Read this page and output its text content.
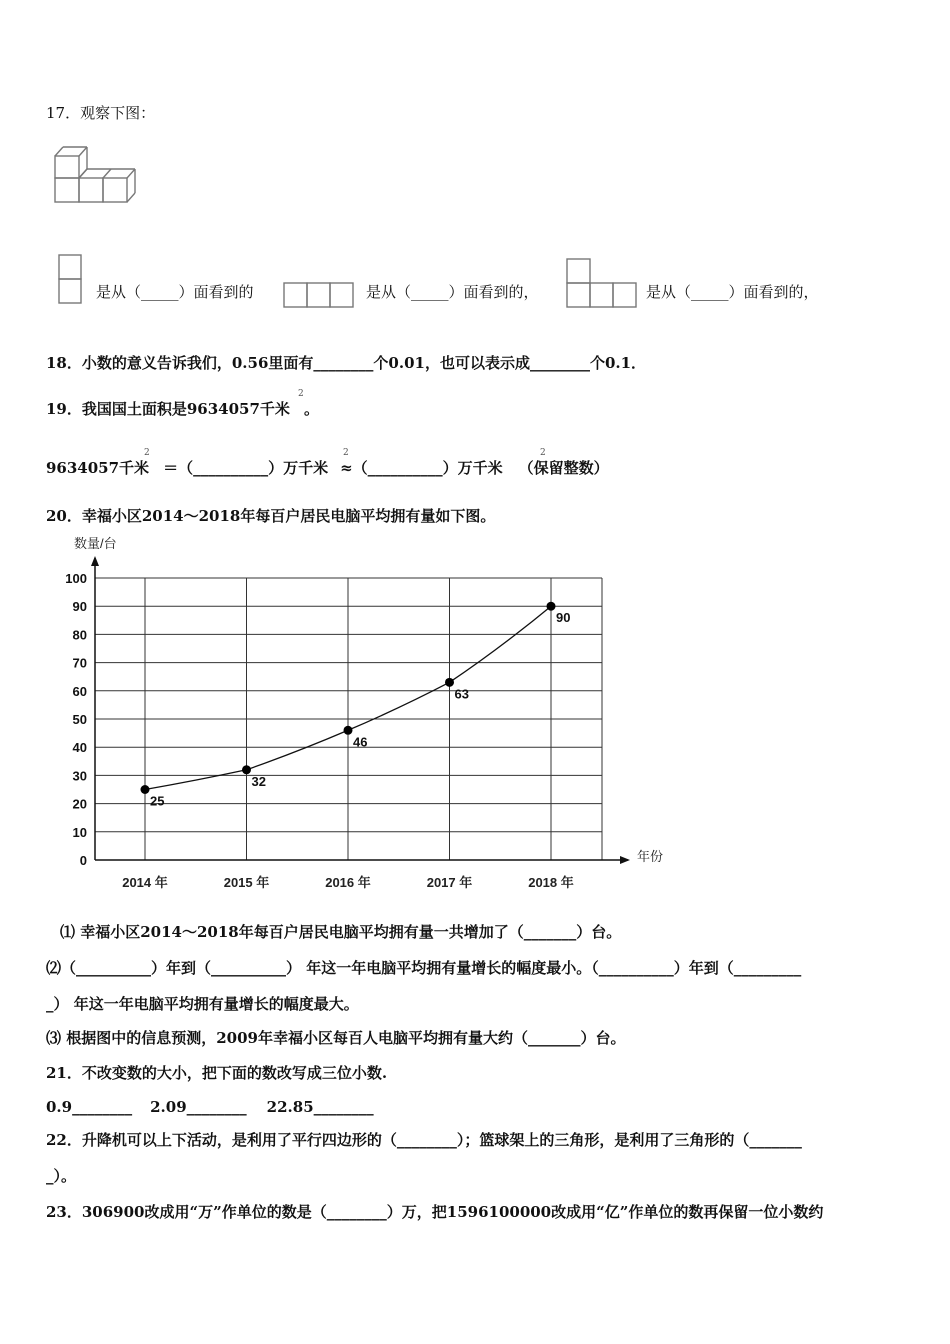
17．观察下图：
是从（_____）面看到的	是从（_____）面看到的，	是从（_____）面看到的，
18．小数的意义告诉我们，0.56里面有________个0.01，也可以表示成________个0.1．
19．我国国土面积是9634057千米 。
2
9634057千米 ＝（__________）万千米 ≈（__________）万千米 （保留整数）
2	2	2
20．幸福小区2014～2018年每百户居民电脑平均拥有量如下图。
0
10
20
30
40
50
60
70
80
90
100
2014 年	2015 年	2016 年	2017 年	2018 年
25
32
46
63
90
数量/台
年份
⑴ 幸福小区2014～2018年每百户居民电脑平均拥有量一共增加了（_______）台。
⑵（__________）年到（__________） 年这一年电脑平均拥有量增长的幅度最小。（__________）年到（_________
_） 年这一年电脑平均拥有量增长的幅度最大。
⑶ 根据图中的信息预测，2009年幸福小区每百人电脑平均拥有量大约（_______）台。
21．不改变数的大小，把下面的数改写成三位小数.
0.9________ 2.09________ 22.85________
22．升降机可以上下活动，是利用了平行四边形的（________）；篮球架上的三角形，是利用了三角形的（_______
_）。
23．306900改成用“万”作单位的数是（________）万，把1596100000改成用“亿”作单位的数再保留一位小数约
